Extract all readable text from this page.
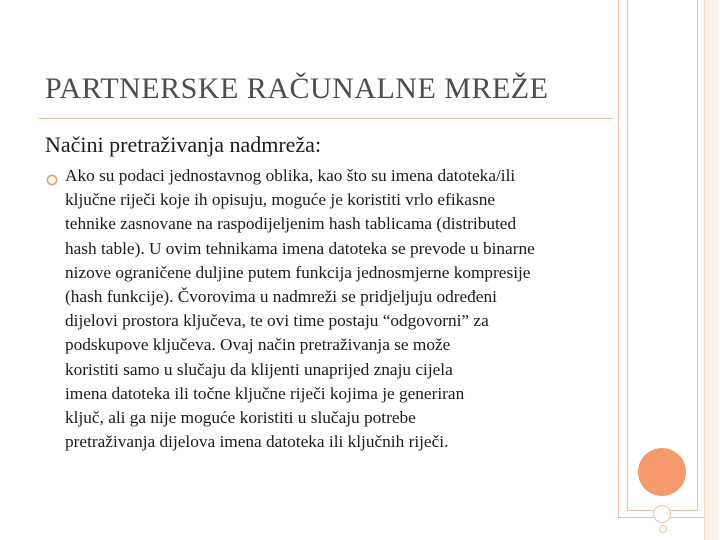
PARTNERSKE RAČUNALNE MREŽE

Načini pretraživanja nadmreža:

Ako su podaci jednostavnog oblika, kao što su imena datoteka/ili
ključne riječi koje ih opisuju, moguće je koristiti vrlo efikasne
tehnike zasnovane na raspodijeljenim hash tablicama (distributed
hash table). U ovim tehnikama imena datoteka se prevode u binarne
nizove ograničene duljine putem funkcija jednosmjerne kompresije
(hash funkcije). Čvorovima u nadmreži se pridjeljuju određeni
dijelovi prostora ključeva, te ovi time postaju “odgovorni” za
podskupove ključeva. Ovaj način pretraživanja se može
koristiti samo u slučaju da klijenti unaprijed znaju cijela
imena datoteka ili točne ključne riječi kojima je generiran
ključ, ali ga nije moguće koristiti u slučaju potrebe
pretraživanja dijelova imena datoteka ili ključnih riječi.
